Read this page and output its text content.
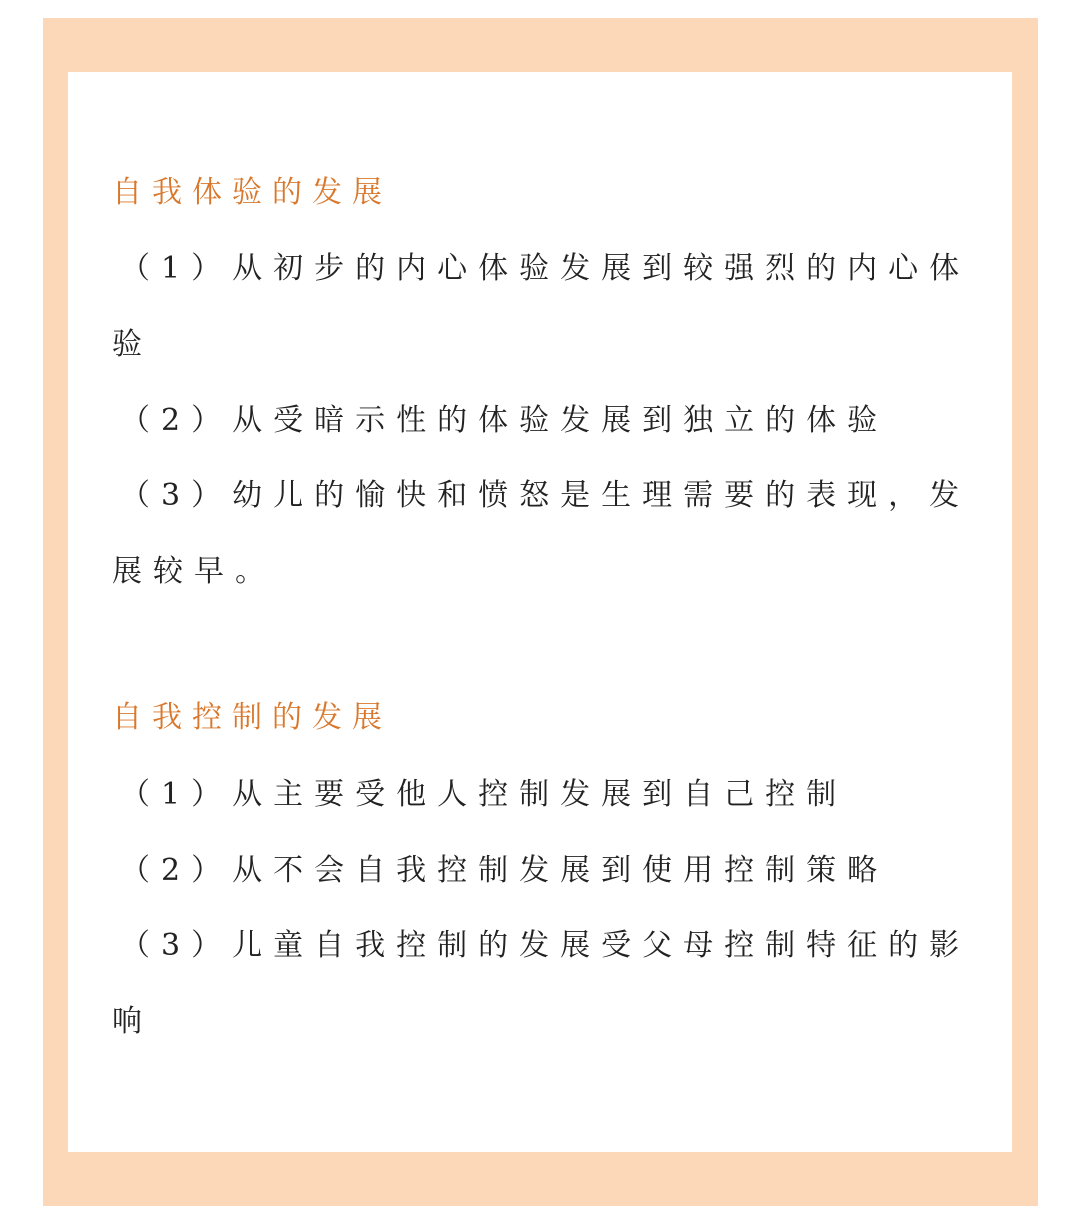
自我体验的发展
（1）从初步的内心体验发展到较强烈的内心体
验
（2）从受暗示性的体验发展到独立的体验
（3）幼儿的愉快和愤怒是生理需要的表现，发
展较早。
自我控制的发展
（1）从主要受他人控制发展到自己控制
（2）从不会自我控制发展到使用控制策略
（3）儿童自我控制的发展受父母控制特征的影
响
